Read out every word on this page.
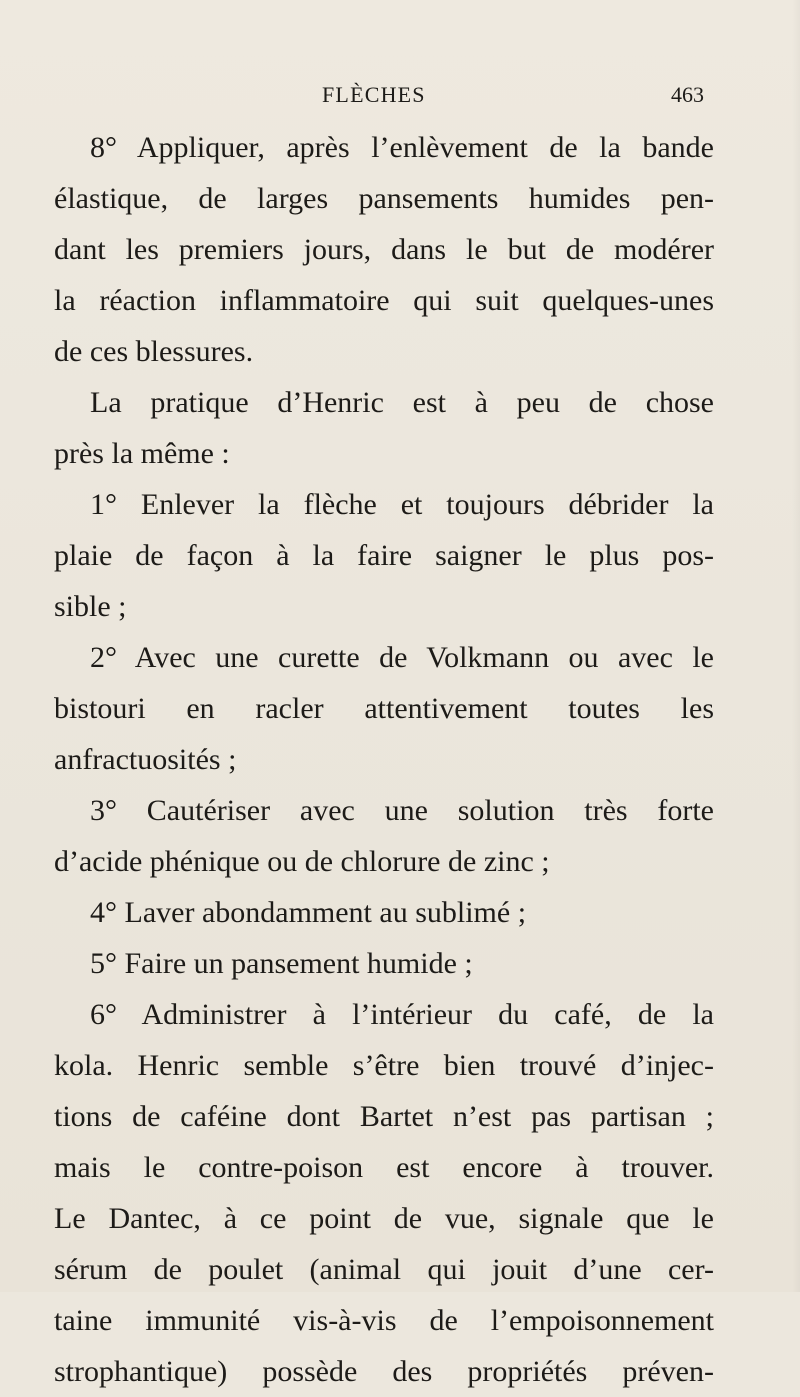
FLÈCHES	463
8° Appliquer, après l’enlèvement de la bande
élastique, de larges pansements humides pen-
dant les premiers jours, dans le but de modérer
la réaction inflammatoire qui suit quelques-unes
de ces blessures.
La pratique d’Henric est à peu de chose
près la même :
1° Enlever la flèche et toujours débrider la
plaie de façon à la faire saigner le plus pos-
sible ;
2° Avec une curette de Volkmann ou avec le
bistouri en racler attentivement toutes les
anfractuosités ;
3° Cautériser avec une solution très forte
d’acide phénique ou de chlorure de zinc ;
4° Laver abondamment au sublimé ;
5° Faire un pansement humide ;
6° Administrer à l’intérieur du café, de la
kola. Henric semble s’être bien trouvé d’injec-
tions de caféine dont Bartet n’est pas partisan ;
mais le contre-poison est encore à trouver.
Le Dantec, à ce point de vue, signale que le
sérum de poulet (animal qui jouit d’une cer-
taine immunité vis-à-vis de l’empoisonnement
strophantique) possède des propriétés préven-
